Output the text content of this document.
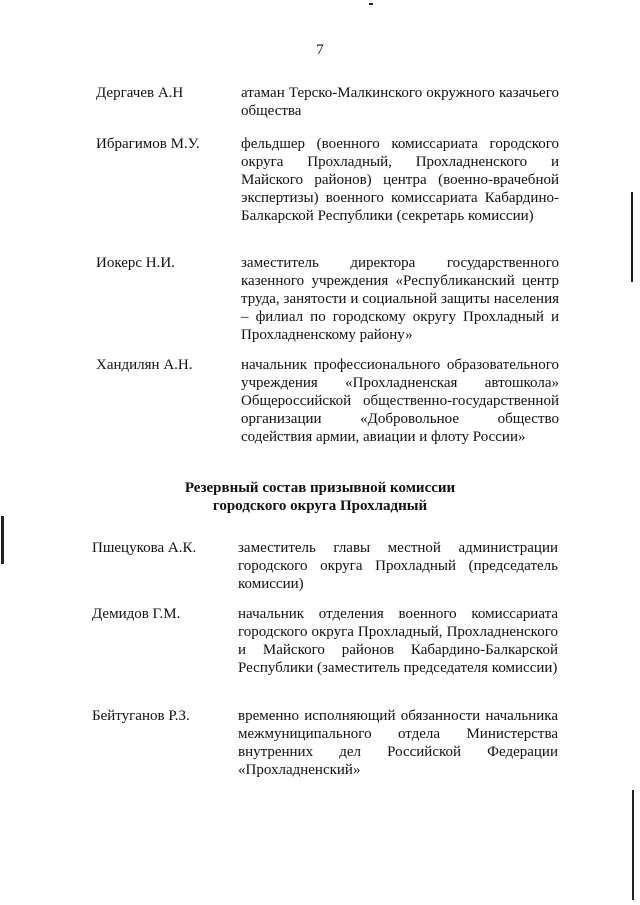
7
Дергачев А.Н	атаман Терско-Малкинского окружного казачьего общества
Ибрагимов М.У.	фельдшер (военного комиссариата городского округа Прохладный, Прохладненского и Майского районов) центра (военно-врачебной экспертизы) военного комиссариата Кабардино-Балкарской Республики (секретарь комиссии)
Иокерс Н.И.	заместитель директора государственного казенного учреждения «Республиканский центр труда, занятости и социальной защиты населения – филиал по городскому округу Прохладный и Прохладненскому району»
Хандилян А.Н.	начальник профессионального образовательного учреждения «Прохладненская автошкола» Общероссийской общественно-государственной организации «Добровольное общество содействия армии, авиации и флоту России»
Резервный состав призывной комиссии
городского округа Прохладный
Пшецукова А.К.	заместитель главы местной администрации городского округа Прохладный (председатель комиссии)
Демидов Г.М.	начальник отделения военного комиссариата городского округа Прохладный, Прохладненского и Майского районов Кабардино-Балкарской Республики (заместитель председателя комиссии)
Бейтуганов Р.З.	временно исполняющий обязанности начальника межмуниципального отдела Министерства внутренних дел Российской Федерации «Прохладненский»
